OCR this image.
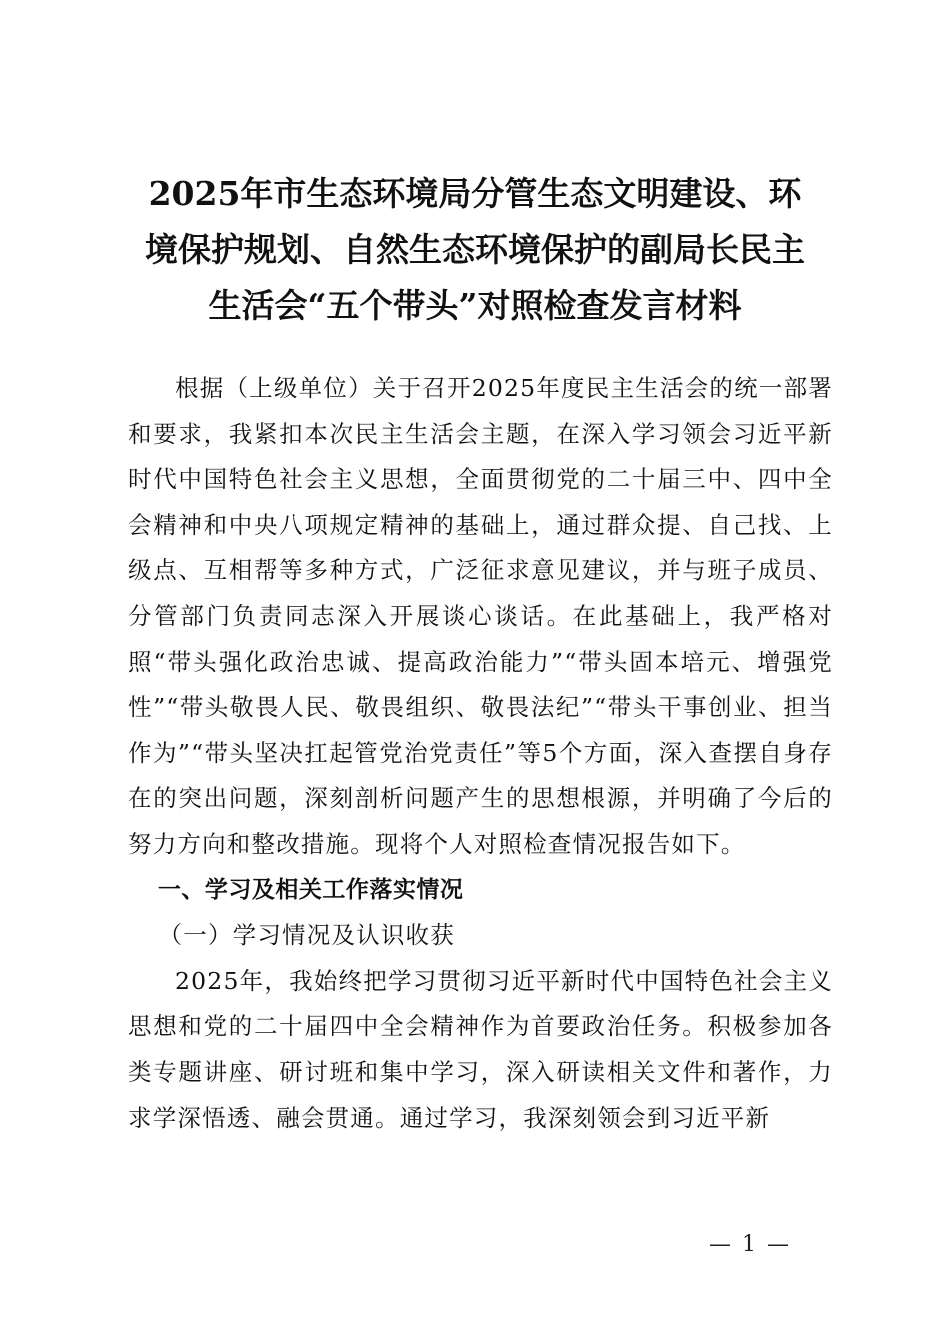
2025年市生态环境局分管生态文明建设、环
境保护规划、自然生态环境保护的副局长民主
生活会“五个带头”对照检查发言材料

根据（上级单位）关于召开2025年度民主生活会的统一部署和要求，我紧扣本次民主生活会主题，在深入学习领会习近平新时代中国特色社会主义思想，全面贯彻党的二十届三中、四中全会精神和中央八项规定精神的基础上，通过群众提、自己找、上级点、互相帮等多种方式，广泛征求意见建议，并与班子成员、分管部门负责同志深入开展谈心谈话。在此基础上，我严格对照“带头强化政治忠诚、提高政治能力”“带头固本培元、增强党性”“带头敬畏人民、敬畏组织、敬畏法纪”“带头干事创业、担当作为”“带头坚决扛起管党治党责任”等5个方面，深入查摆自身存在的突出问题，深刻剖析问题产生的思想根源，并明确了今后的努力方向和整改措施。现将个人对照检查情况报告如下。

一、学习及相关工作落实情况

（一）学习情况及认识收获

2025年，我始终把学习贯彻习近平新时代中国特色社会主义思想和党的二十届四中全会精神作为首要政治任务。积极参加各类专题讲座、研讨班和集中学习，深入研读相关文件和著作，力求学深悟透、融会贯通。通过学习，我深刻领会到习近平新

— 1 —
